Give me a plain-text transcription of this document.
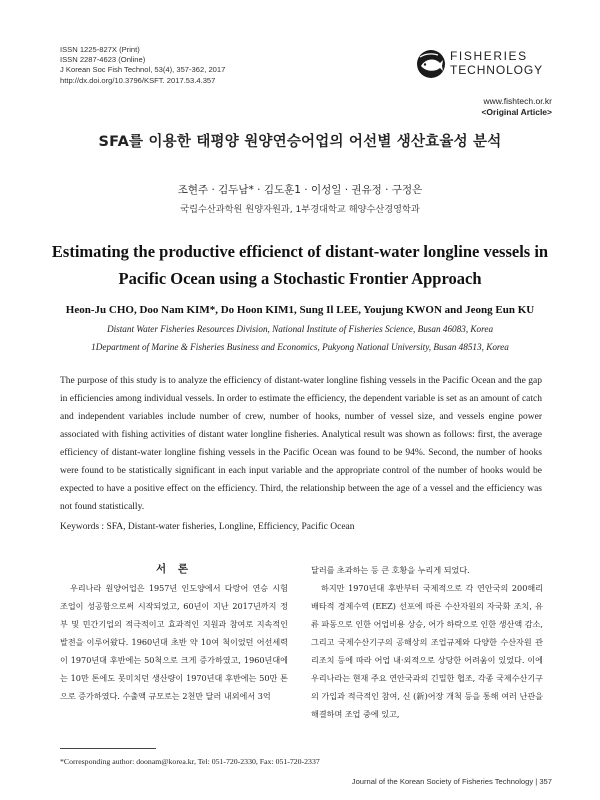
ISSN 1225-827X (Print)
ISSN 2287-4623 (Online)
J Korean Soc Fish Technol, 53(4), 357-362, 2017
http://dx.doi.org/10.3796/KSFT. 2017.53.4.357
FISHERIES
TECHNOLOGY
www.fishtech.or.kr
<Original Article>
SFA를 이용한 태평양 원양연승어업의 어선별 생산효율성 분석
조현주 · 김두남* · 김도훈1 · 이성일 · 권유정 · 구정은
국립수산과학원 원양자원과, 1부경대학교 해양수산경영학과
Estimating the productive efficienct of distant-water longline vessels in
Pacific Ocean using a Stochastic Frontier Approach
Heon-Ju CHO, Doo Nam KIM*, Do Hoon KIM1, Sung Il LEE, Youjung KWON and Jeong Eun KU
Distant Water Fisheries Resources Division, National Institute of Fisheries Science, Busan 46083, Korea
1Department of Marine & Fisheries Business and Economics, Pukyong National University, Busan 48513, Korea
The purpose of this study is to analyze the efficiency of distant-water longline fishing vessels in the Pacific Ocean and the gap in efficiencies among individual vessels. In order to estimate the efficiency, the dependent variable is set as an amount of catch and independent variables include number of crew, number of hooks, number of vessel size, and vessels engine power associated with fishing activities of distant water longline fisheries. Analytical result was shown as follows: first, the average efficiency of distant-water longline fishing vessels in the Pacific Ocean was found to be 94%. Second, the number of hooks were found to be statistically significant in each input variable and the appropriate control of the number of hooks would be expected to have a positive effect on the efficiency. Third, the relationship between the age of a vessel and the efficiency was not found statistically.
Keywords : SFA, Distant-water fisheries, Longline, Efficiency, Pacific Ocean
서 론
우리나라 원양어업은 1957년 인도양에서 다랑어 연승 시험 조업이 성공함으로써 시작되었고, 60년이 지난 2017년까지 정부 및 민간기업의 적극적이고 효과적인 지원과 참여로 지속적인 발전을 이루어왔다. 1960년대 초반 약 10여 척이었던 어선세력이 1970년대 후반에는 50척으로 크게 증가하였고, 1960년대에는 10만 톤에도 못미치던 생산량이 1970년대 후반에는 50만 톤으로 증가하였다. 수출액 규모로는 2천만 달러 내외에서 3억
달러를 초과하는 등 큰 호황을 누리게 되었다.
하지만 1970년대 후반부터 국제적으로 각 연안국의 200해리 배타적 경제수역 (EEZ) 선포에 따른 수산자원의 자국화 조치, 유류 파동으로 인한 어업비용 상승, 어가 하락으로 인한 생산액 감소, 그리고 국제수산기구의 공해상의 조업규제와 다양한 수산자원 관리조치 등에 따라 어업 내·외적으로 상당한 어려움이 있었다. 이에 우리나라는 현재 주요 연안국과의 긴밀한 협조, 각종 국제수산기구의 가입과 적극적인 참여, 신 (新)어장 개척 등을 통해 여러 난관을 해결하며 조업 중에 있고,
*Corresponding author: doonam@korea.kr, Tel: 051-720-2330, Fax: 051-720-2337
Journal of the Korean Society of Fisheries Technology | 357
